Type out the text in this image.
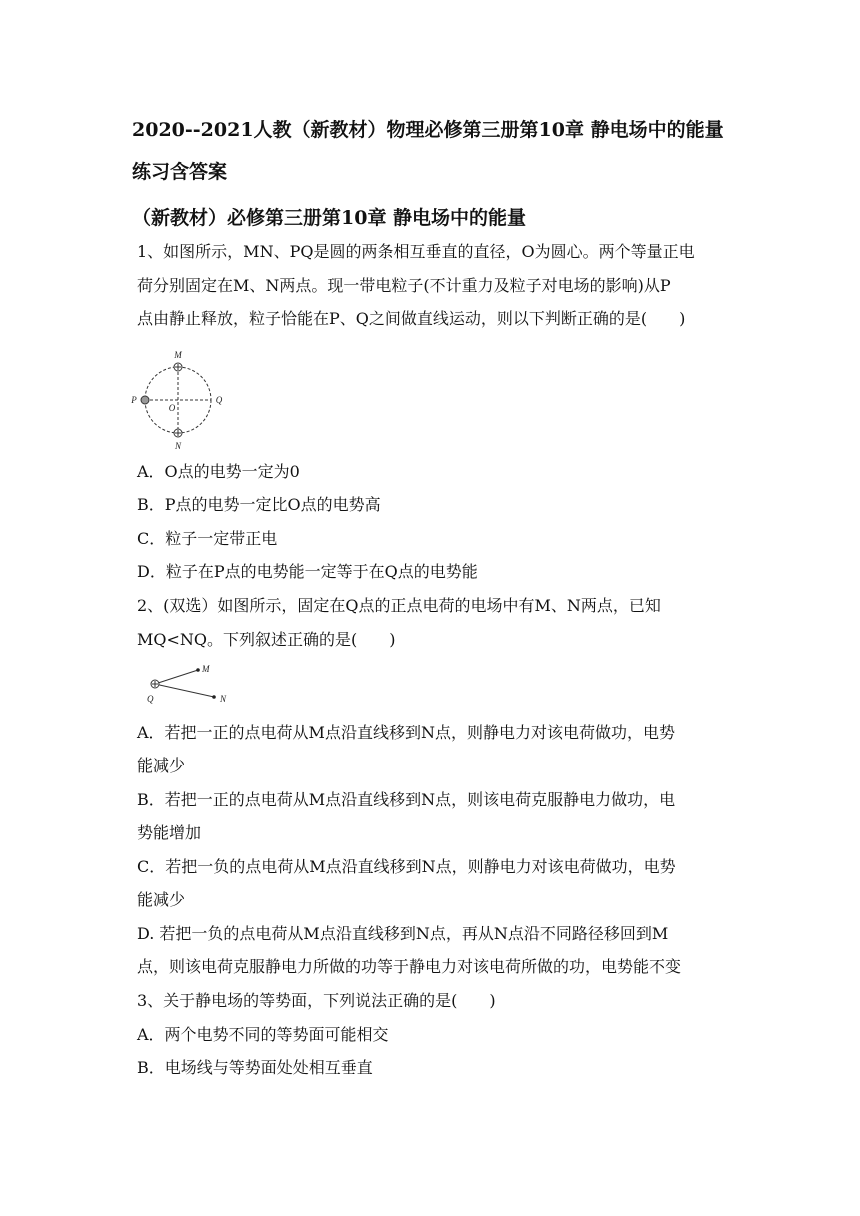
2020--2021人教（新教材）物理必修第三册第10章 静电场中的能量
练习含答案
（新教材）必修第三册第10章 静电场中的能量
1、如图所示，MN、PQ是圆的两条相互垂直的直径，O为圆心。两个等量正电
荷分别固定在M、N两点。现一带电粒子(不计重力及粒子对电场的影响)从P
点由静止释放，粒子恰能在P、Q之间做直线运动，则以下判断正确的是(　　)
M
N
P	Q
O
A．O点的电势一定为0
B．P点的电势一定比O点的电势高
C．粒子一定带正电
D．粒子在P点的电势能一定等于在Q点的电势能
2、(双选）如图所示，固定在Q点的正点电荷的电场中有M、N两点，已知
MQ<NQ。下列叙述正确的是(　　)
Q
M
N
A．若把一正的点电荷从M点沿直线移到N点，则静电力对该电荷做功，电势
能减少
B．若把一正的点电荷从M点沿直线移到N点，则该电荷克服静电力做功，电
势能增加
C．若把一负的点电荷从M点沿直线移到N点，则静电力对该电荷做功，电势
能减少
D. 若把一负的点电荷从M点沿直线移到N点，再从N点沿不同路径移回到M
点，则该电荷克服静电力所做的功等于静电力对该电荷所做的功，电势能不变
3、关于静电场的等势面，下列说法正确的是(　　)
A．两个电势不同的等势面可能相交
B．电场线与等势面处处相互垂直
